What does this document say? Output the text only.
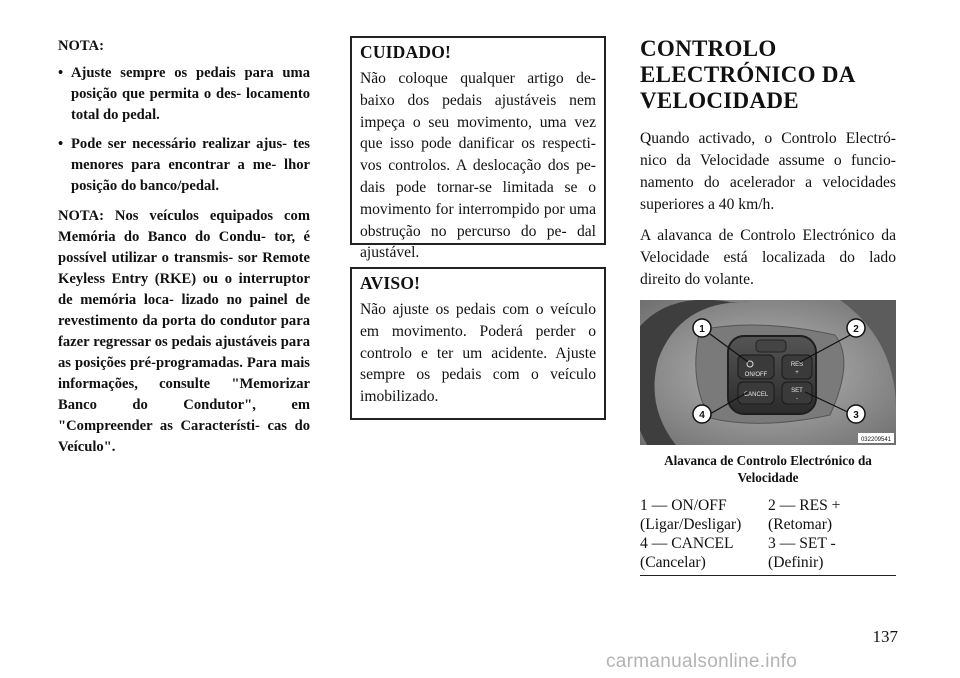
NOTA:

• Ajuste sempre os pedais para uma posição que permita o des- locamento total do pedal.
• Pode ser necessário realizar ajus- tes menores para encontrar a me- lhor posição do banco/pedal.

NOTA: Nos veículos equipados com Memória do Banco do Condu- tor, é possível utilizar o transmis- sor Remote Keyless Entry (RKE) ou o interruptor de memória loca- lizado no painel de revestimento da porta do condutor para fazer regressar os pedais ajustáveis para as posições pré-programadas. Para mais informações, consulte "Memorizar Banco do Condutor", em "Compreender as Característi- cas do Veículo".

CUIDADO!

Não coloque qualquer artigo de- baixo dos pedais ajustáveis nem impeça o seu movimento, uma vez que isso pode danificar os respecti- vos controlos. A deslocação dos pe- dais pode tornar-se limitada se o movimento for interrompido por uma obstrução no percurso do pe- dal ajustável.

AVISO!

Não ajuste os pedais com o veículo em movimento. Poderá perder o controlo e ter um acidente. Ajuste sempre os pedais com o veículo imobilizado.

CONTROLO ELECTRÓNICO DA VELOCIDADE

Quando activado, o Controlo Electró- nico da Velocidade assume o funcio- namento do acelerador a velocidades superiores a 40 km/h.

A alavanca de Controlo Electrónico da Velocidade está localizada do lado direito do volante.

ON/OFF
RES
+
CANCEL
SET
-
1	2
3
4
032209541
Alavanca de Controlo Electrónico da Velocidade
1 — ON/OFF	2 — RES +
(Ligar/Desligar)	(Retomar)
4 — CANCEL	3 — SET -
(Cancelar)	(Definir)
137
carmanualsonline.info
